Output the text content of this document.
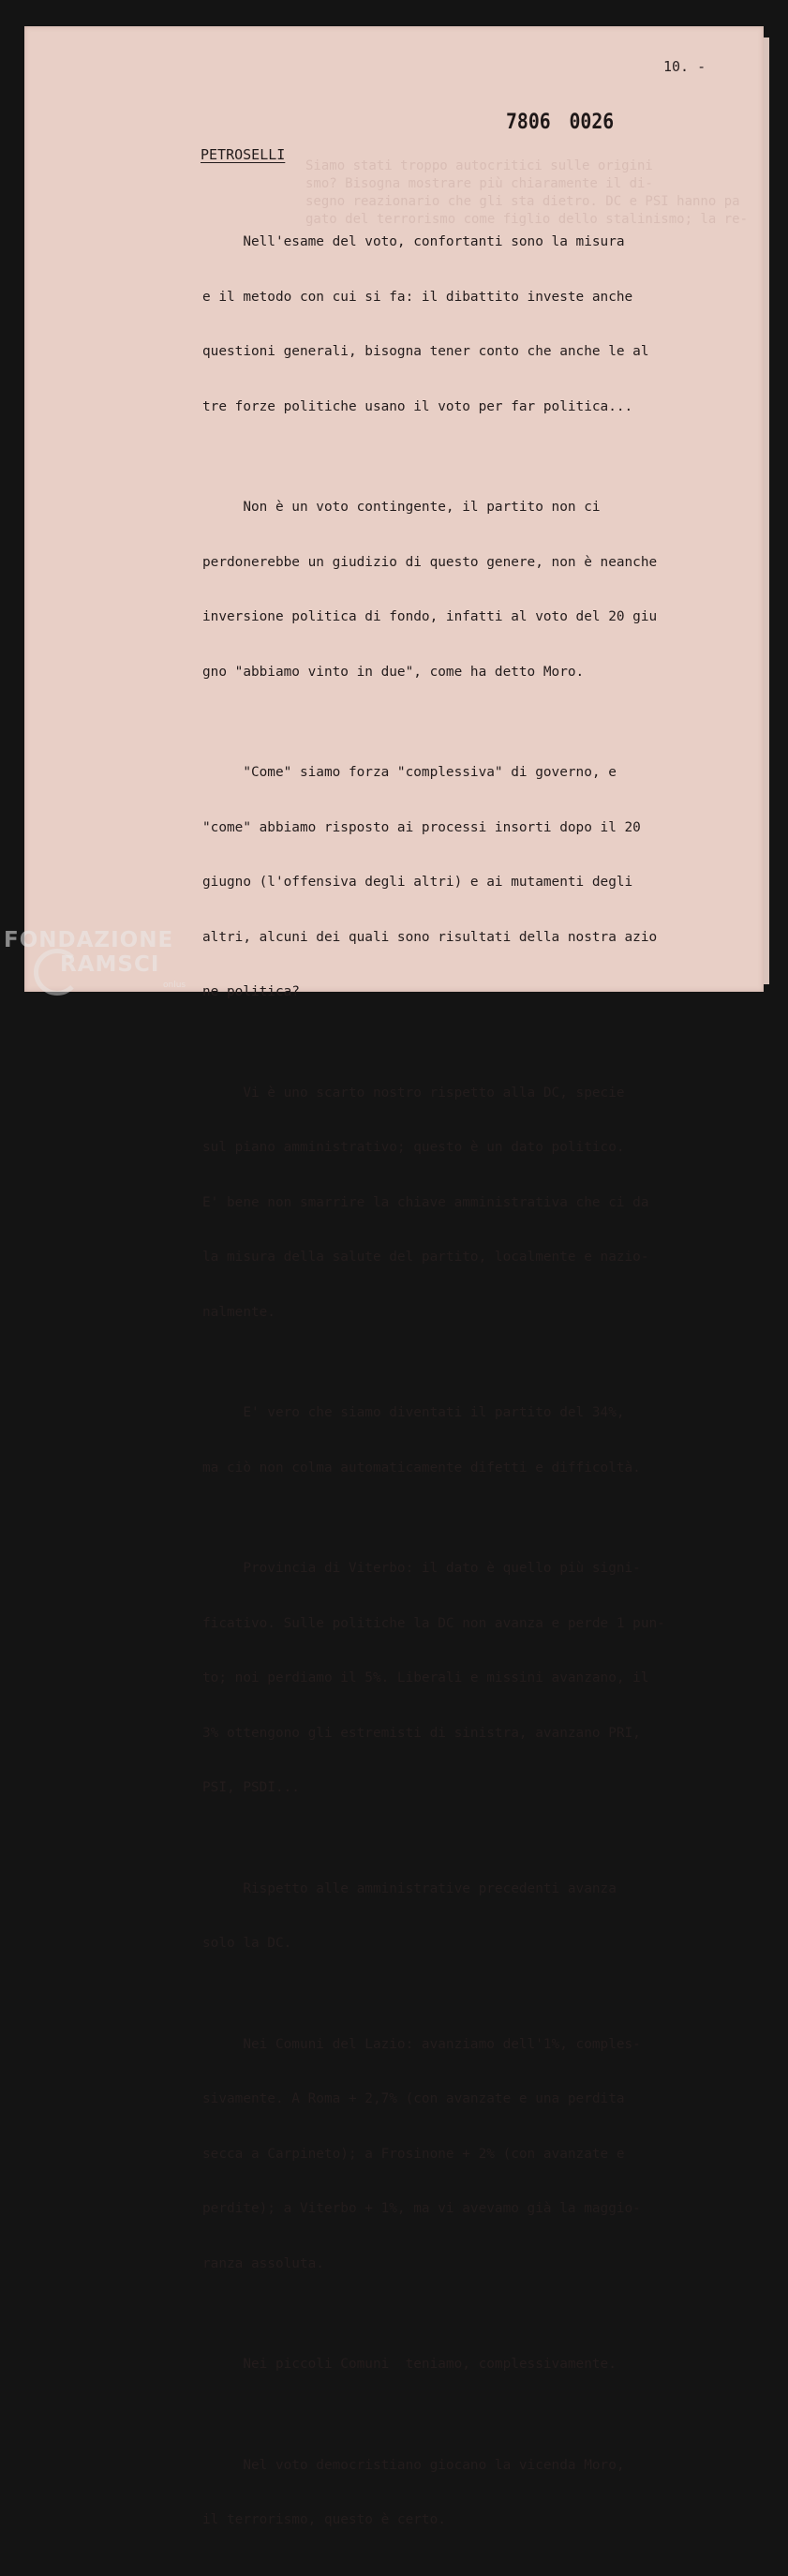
Siamo stati troppo autocritici sulle origini
smo? Bisogna mostrare più chiaramente il di-
segno reazionario che gli sta dietro. DC e PSI hanno pa
gato del terrorismo come figlio dello stalinismo; la re-
10. -
7806 0026
PETROSELLI

Nell'esame del voto, confortanti sono la misura

e il metodo con cui si fa: il dibattito investe anche

questioni generali, bisogna tener conto che anche le al

tre forze politiche usano il voto per far politica...

Non è un voto contingente, il partito non ci

perdonerebbe un giudizio di questo genere, non è neanche

inversione politica di fondo, infatti al voto del 20 giu

gno "abbiamo vinto in due", come ha detto Moro.

"Come" siamo forza "complessiva" di governo, e

"come" abbiamo risposto ai processi insorti dopo il 20

giugno (l'offensiva degli altri) e ai mutamenti degli

altri, alcuni dei quali sono risultati della nostra azio

ne politica?

Vi è uno scarto nostro rispetto alla DC, specie

sul piano amministrativo; questo è un dato politico.

E' bene non smarrire la chiave amministrativa che ci da

la misura della salute del partito, localmente e nazio-

nalmente.

E' vero che siamo diventati il partito del 34%,

ma ciò non colma automaticamente difetti e difficoltà.

Provincia di Viterbo: il dato è quello più signi-

ficativo. Sulle politiche la DC non avanza e perde 1 pun-

to; noi perdiamo il 5%. Liberali e missini avanzano, il

3% ottengono gli estremisti di sinistra, avanzano PRI,

PSI, PSDI...

Rispetto alle amministrative precedenti avanza

solo la DC.

Nei Comuni del Lazio: avanziamo dell'1%, comples-

sivamente. A Roma + 2,7% (con avanzate e una perdita

secca a Carpineto); a Frosinone + 2% (con avanzate e

perdite); a Viterbo + 1%, ma vi avevamo già la maggio-

ranza assoluta.

Nei piccoli Comuni  teniamo, complessivamente.

Nel voto democristiano giocano la vicenda Moro,

il terrorismo, questo è certo.

FONDAZIONE
RAMSCI
onlus
